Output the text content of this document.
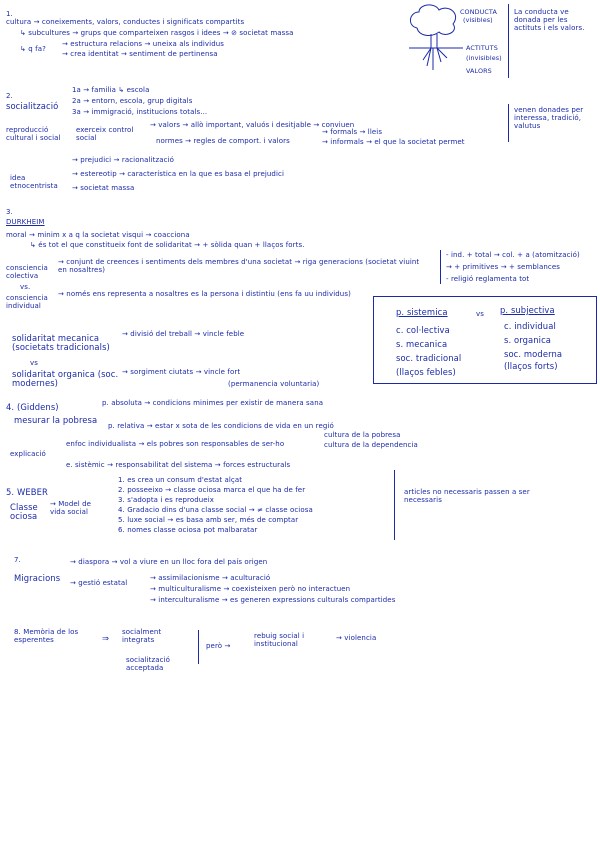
1.
cultura → coneixements, valors, conductes i significats compartits
↳ subcultures → grups que comparteixen rasgos i idees → ⊘ societat massa
↳ q fa?
→ estructura relacions → uneixa als individus
→ crea identitat → sentiment de pertinensa
CONDUCTA
(visibles)
ACTITUTS
(invisibles)
VALORS
La conducta ve donada per les actituts i els valors.
2.
socialització
1a → familia ↳ escola
2a → entorn, escola, grup digitals
3a → immigració, institucions totals...
reproducció cultural i social
exerceix control social
→ valors → allò important, valuós i desitjable → conviuen
normes → regles de comport. i valors
→ formals → lleis
→ informals → el que la societat permet
venen donades per interessa, tradició, valutus
idea etnocentrista
→ prejudici → racionalització
→ estereotip → característica en la que es basa el prejudici
→ societat massa
3.
DURKHEIM
moral → minim x a q la societat visqui → coacciona
↳ és tot el que constitueix font de solidaritat → + sòlida quan + llaços forts.
consciencia colectiva
→ conjunt de creences i sentiments dels membres d'una societat → riga generacions (societat viuint en nosaltres)
vs.
consciencia individual
→ només ens representa a nosaltres es la persona i distintiu (ens fa uu individus)
- ind. + total → col. + a (atomització)
→ + primitives → + semblances
- religió reglamenta tot
solidaritat mecanica (societats tradicionals)
→ divisió del treball → vincle feble
vs
solidaritat organica (soc. modernes)
→ sorgiment ciutats → vincle fort
(permanencia voluntaria)
p. sistemica	vs p. subjectiva
c. col·lectiva
s. mecanica
soc. tradicional
(llaços febles)
c. individual
s. organica
soc. moderna
(llaços forts)
4. (Giddens)
mesurar la pobresa
p. absoluta → condicions minimes per existir de manera sana
p. relativa → estar x sota de les condicions de vida en un regió
explicació
enfoc individualista → els pobres son responsables de ser-ho
cultura de la pobresa
cultura de la dependencia
e. sistèmic → responsabilitat del sistema → forces estructurals
5. WEBER
Classe ociosa
→ Model de vida social
1. es crea un consum d'estat alçat
2. posseeixo → classe ociosa marca el que ha de fer
3. s'adopta i es reprodueix
4. Gradacio dins d'una classe social → ≠ classe ociosa
5. luxe social → es basa amb ser, més de comptar
6. nomes classe ociosa pot malbaratar
articles no necessaris passen a ser necessaris
7.
Migracions
→ diaspora → vol a viure en un lloc fora del país origen
→ gestió estatal
→ assimilacionisme → aculturació
→ multiculturalisme → coexisteixen però no interactuen
→ interculturalisme → es generen expressions culturals compartides
8. Memòria de los esperentes	⇒
socialment integrats
socialització acceptada
però →
rebuig social i institucional
→ violencia
